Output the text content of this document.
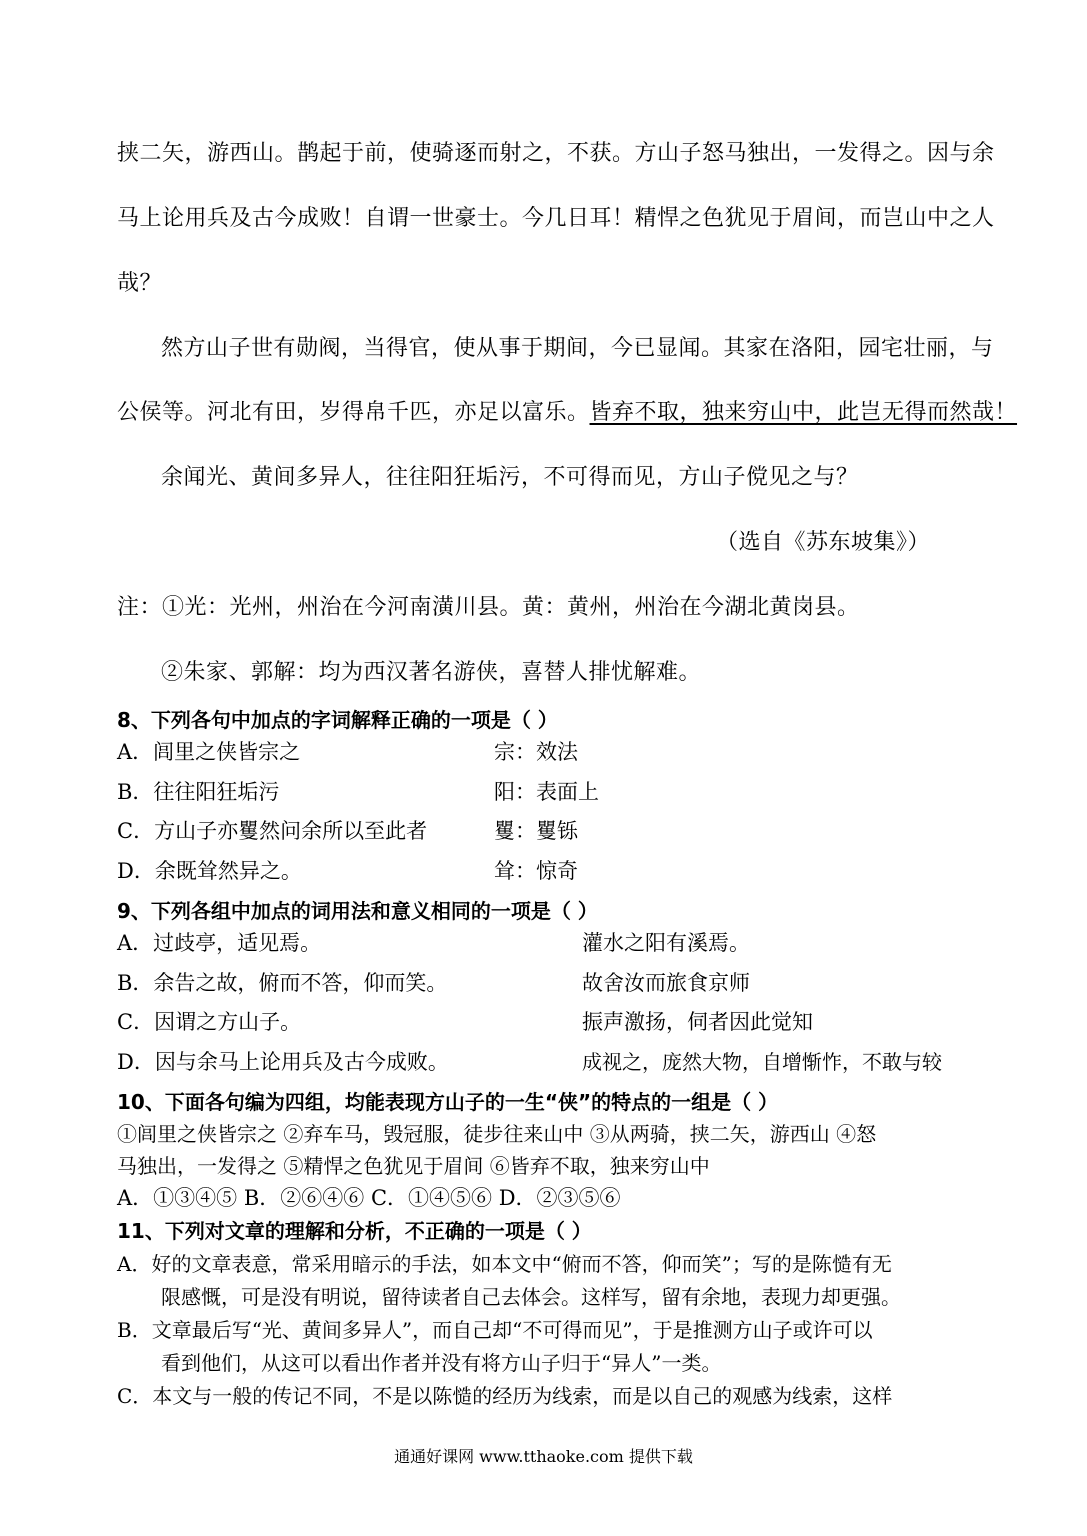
挟二矢，游西山。鹊起于前，使骑逐而射之，不获。方山子怒马独出，一发得之。因与余
马上论用兵及古今成败！自谓一世豪士。今几日耳！精悍之色犹见于眉间，而岂山中之人
哉？
然方山子世有勋阀，当得官，使从事于期间，今已显闻。其家在洛阳，园宅壮丽，与
公侯等。河北有田，岁得帛千匹，亦足以富乐。皆弃不取，独来穷山中，此岂无得而然哉！
余闻光、黄间多异人，往往阳狂垢污，不可得而见，方山子傥见之与？
（选自《苏东坡集》）
注：①光：光州，州治在今河南潢川县。黄：黄州，州治在今湖北黄岗县。
②朱家、郭解：均为西汉著名游侠，喜替人排忧解难。
8、下列各句中加点的字词解释正确的一项是（ ）
A．闾里之侠皆宗之	宗：效法
B．往往阳狂垢污	阳：表面上
C．方山子亦矍然问余所以至此者	矍：矍铄
D．余既耸然异之。	耸：惊奇
9、下列各组中加点的词用法和意义相同的一项是（ ）
A．过歧亭，适见焉。	灌水之阳有溪焉。
B．余告之故，俯而不答，仰而笑。	故舍汝而旅食京师
C．因谓之方山子。	振声激扬，伺者因此觉知
D．因与余马上论用兵及古今成败。	成视之，庞然大物，自增惭怍，不敢与较
10、下面各句编为四组，均能表现方山子的一生“侠”的特点的一组是（ ）
①闾里之侠皆宗之 ②弃车马，毁冠服，徒步往来山中 ③从两骑，挟二矢，游西山 ④怒
马独出，一发得之 ⑤精悍之色犹见于眉间 ⑥皆弃不取，独来穷山中
A．①③④⑤ B．②⑥④⑥ C．①④⑤⑥ D．②③⑤⑥
11、下列对文章的理解和分析，不正确的一项是（ ）
A．好的文章表意，常采用暗示的手法，如本文中“俯而不答，仰而笑”；写的是陈慥有无
限感慨，可是没有明说，留待读者自己去体会。这样写，留有余地，表现力却更强。
B．文章最后写“光、黄间多异人”，而自己却“不可得而见”，于是推测方山子或许可以
看到他们，从这可以看出作者并没有将方山子归于“异人”一类。
C．本文与一般的传记不同，不是以陈慥的经历为线索，而是以自己的观感为线索，这样
通通好课网 www.tthaoke.com 提供下载
